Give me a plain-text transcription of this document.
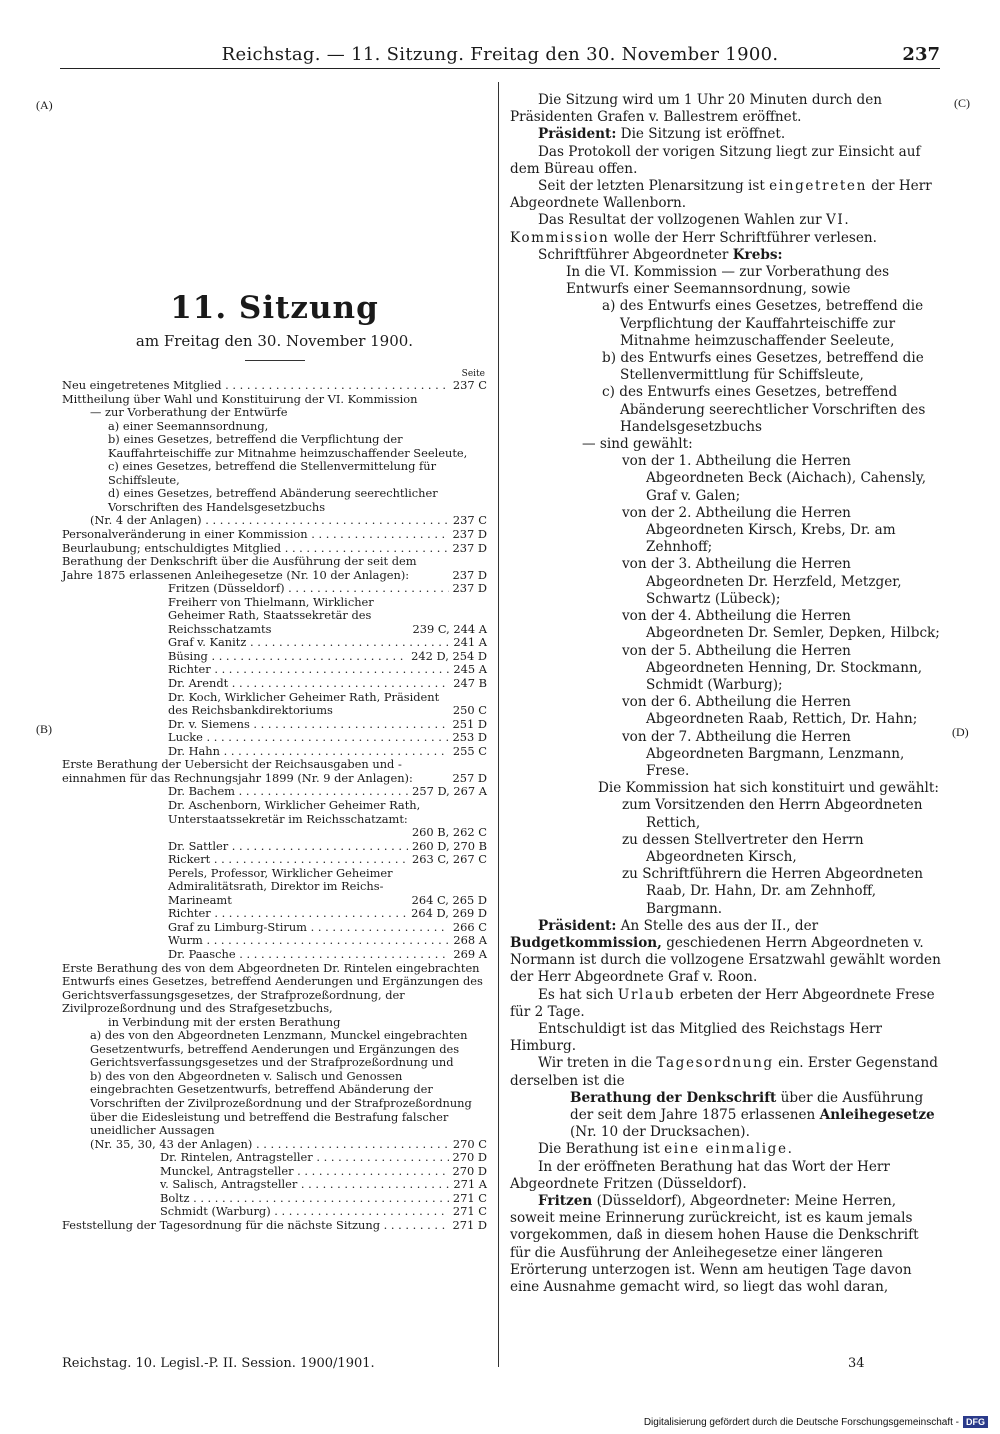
Reichstag. — 11. Sitzung. Freitag den 30. November 1900.	237
(A)
(B)
(C)
(D)
11. Sitzung
am Freitag den 30. November 1900.
Seite
Neu eingetretenes Mitglied . . .	237 C
Mittheilung über Wahl und Konstituirung der VI. Kommission
— zur Vorberathung der Entwürfe
a) einer Seemannsordnung,
b) eines Gesetzes, betreffend die Verpflichtung der Kauffahrteischiffe zur Mitnahme heimzuschaffender Seeleute,
c) eines Gesetzes, betreffend die Stellenvermittelung für Schiffsleute,
d) eines Gesetzes, betreffend Abänderung seerechtlicher Vorschriften des Handelsgesetzbuchs
(Nr. 4 der Anlagen) . . .	237 C
Personalveränderung in einer Kommission . . .	237 D
Beurlaubung; entschuldigtes Mitglied . . .	237 D
Berathung der Denkschrift über die Ausführung der seit dem Jahre 1875 erlassenen Anleihegesetze (Nr. 10 der Anlagen):	237 D
Fritzen (Düsseldorf) . . .	237 D
Freiherr von Thielmann, Wirklicher Geheimer Rath, Staatssekretär des Reichsschatzamts	239 C, 244 A
Graf v. Kanitz . . .	241 A
Büsing . . .	242 D, 254 D
Richter . . .	245 A
Dr. Arendt . . .	247 B
Dr. Koch, Wirklicher Geheimer Rath, Präsident des Reichsbankdirektoriums	250 C
Dr. v. Siemens . . .	251 D
Lucke . . .	253 D
Dr. Hahn . . .	255 C
Erste Berathung der Uebersicht der Reichsausgaben und -einnahmen für das Rechnungsjahr 1899 (Nr. 9 der Anlagen):	257 D
Dr. Bachem . . .	257 D, 267 A
Dr. Aschenborn, Wirklicher Geheimer Rath, Unterstaatssekretär im Reichsschatzamt:
260 B, 262 C
Dr. Sattler . . .	260 D, 270 B
Rickert . . .	263 C, 267 C
Perels, Professor, Wirklicher Geheimer Admiralitätsrath, Direktor im Reichs-Marineamt	264 C, 265 D
Richter . . .	264 D, 269 D
Graf zu Limburg-Stirum . . .	266 C
Wurm . . .	268 A
Dr. Paasche . . .	269 A
Erste Berathung des von dem Abgeordneten Dr. Rintelen eingebrachten Entwurfs eines Gesetzes, betreffend Aenderungen und Ergänzungen des Gerichtsverfassungsgesetzes, der Strafprozeßordnung, der Zivilprozeßordnung und des Strafgesetzbuchs,
in Verbindung mit der ersten Berathung
a) des von den Abgeordneten Lenzmann, Munckel eingebrachten Gesetzentwurfs, betreffend Aenderungen und Ergänzungen des Gerichtsverfassungsgesetzes und der Strafprozeßordnung und
b) des von den Abgeordneten v. Salisch und Genossen eingebrachten Gesetzentwurfs, betreffend Abänderung der Vorschriften der Zivilprozeßordnung und der Strafprozeßordnung über die Eidesleistung und betreffend die Bestrafung falscher uneidlicher Aussagen
(Nr. 35, 30, 43 der Anlagen) . . .	270 C
Dr. Rintelen, Antragsteller . . .	270 D
Munckel, Antragsteller . . .	270 D
v. Salisch, Antragsteller . . .	271 A
Boltz . . .	271 C
Schmidt (Warburg) . . .	271 C
Feststellung der Tagesordnung für die nächste Sitzung . . .	271 D

Die Sitzung wird um 1 Uhr 20 Minuten durch den Präsidenten Grafen v. Ballestrem eröffnet.

Präsident: Die Sitzung ist eröffnet.

Das Protokoll der vorigen Sitzung liegt zur Einsicht auf dem Büreau offen.

Seit der letzten Plenarsitzung ist eingetreten der Herr Abgeordnete Wallenborn.

Das Resultat der vollzogenen Wahlen zur VI. Kommission wolle der Herr Schriftführer verlesen.

Schriftführer Abgeordneter Krebs:

In die VI. Kommission — zur Vorberathung des Entwurfs einer Seemannsordnung, sowie

a) des Entwurfs eines Gesetzes, betreffend die Verpflichtung der Kauffahrteischiffe zur Mitnahme heimzuschaffender Seeleute,

b) des Entwurfs eines Gesetzes, betreffend die Stellenvermittlung für Schiffsleute,

c) des Entwurfs eines Gesetzes, betreffend Abänderung seerechtlicher Vorschriften des Handelsgesetzbuchs

— sind gewählt:

von der 1. Abtheilung die Herren Abgeordneten Beck (Aichach), Cahensly, Graf v. Galen;

von der 2. Abtheilung die Herren Abgeordneten Kirsch, Krebs, Dr. am Zehnhoff;

von der 3. Abtheilung die Herren Abgeordneten Dr. Herzfeld, Metzger, Schwartz (Lübeck);

von der 4. Abtheilung die Herren Abgeordneten Dr. Semler, Depken, Hilbck;

von der 5. Abtheilung die Herren Abgeordneten Henning, Dr. Stockmann, Schmidt (Warburg);

von der 6. Abtheilung die Herren Abgeordneten Raab, Rettich, Dr. Hahn;

von der 7. Abtheilung die Herren Abgeordneten Bargmann, Lenzmann, Frese.

Die Kommission hat sich konstituirt und gewählt:

zum Vorsitzenden den Herrn Abgeordneten Rettich,

zu dessen Stellvertreter den Herrn Abgeordneten Kirsch,

zu Schriftführern die Herren Abgeordneten Raab, Dr. Hahn, Dr. am Zehnhoff, Bargmann.

Präsident: An Stelle des aus der II., der Budgetkommission, geschiedenen Herrn Abgeordneten v. Normann ist durch die vollzogene Ersatzwahl gewählt worden der Herr Abgeordnete Graf v. Roon.

Es hat sich Urlaub erbeten der Herr Abgeordnete Frese für 2 Tage.

Entschuldigt ist das Mitglied des Reichstags Herr Himburg.

Wir treten in die Tagesordnung ein. Erster Gegenstand derselben ist die

Berathung der Denkschrift über die Ausführung der seit dem Jahre 1875 erlassenen Anleihegesetze (Nr. 10 der Drucksachen).

Die Berathung ist eine einmalige.

In der eröffneten Berathung hat das Wort der Herr Abgeordnete Fritzen (Düsseldorf).

Fritzen (Düsseldorf), Abgeordneter: Meine Herren, soweit meine Erinnerung zurückreicht, ist es kaum jemals vorgekommen, daß in diesem hohen Hause die Denkschrift für die Ausführung der Anleihegesetze einer längeren Erörterung unterzogen ist. Wenn am heutigen Tage davon eine Ausnahme gemacht wird, so liegt das wohl daran,

Reichstag. 10. Legisl.-P. II. Session. 1900/1901.	34
Digitalisierung gefördert durch die Deutsche Forschungsgemeinschaft - DFG
